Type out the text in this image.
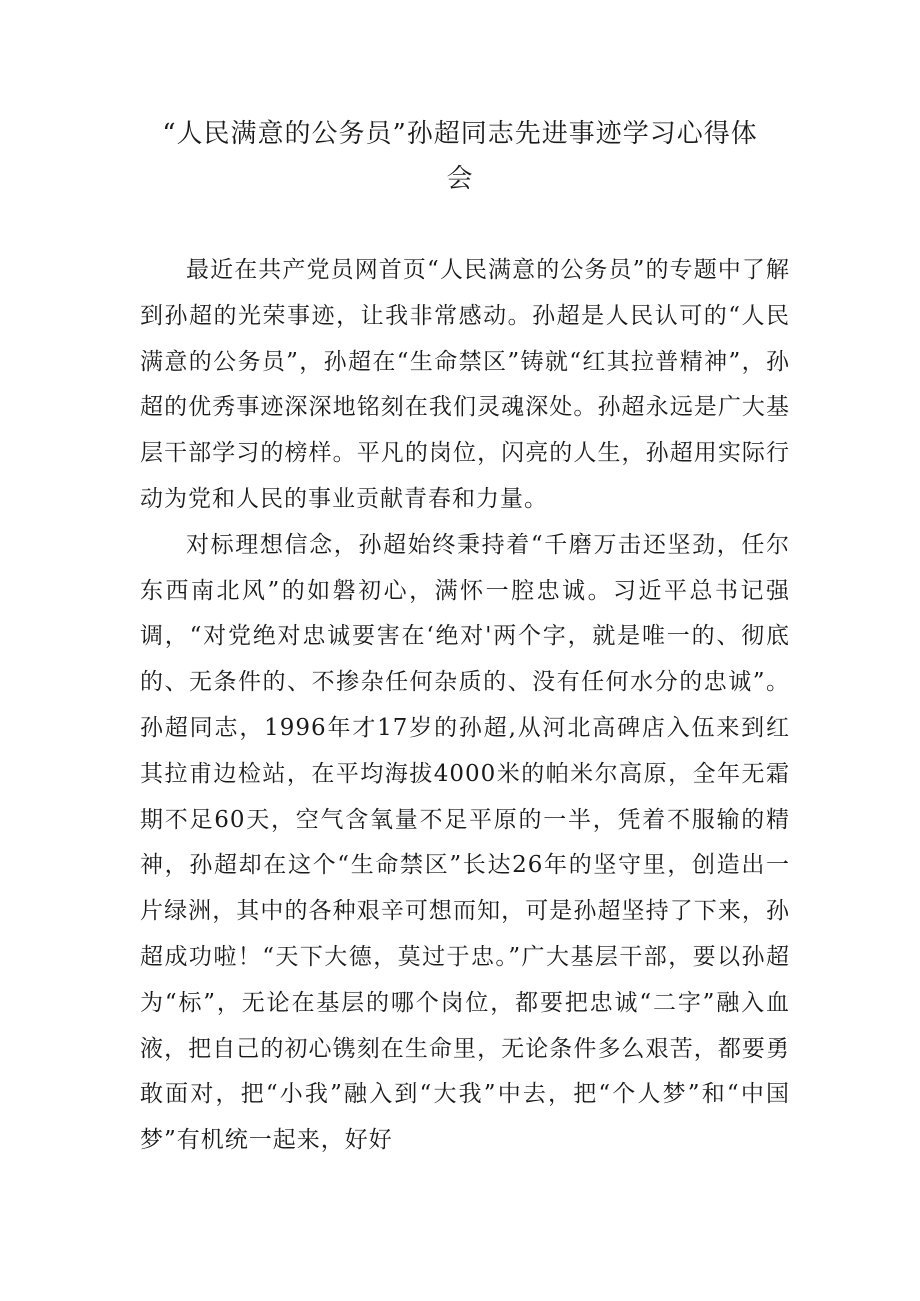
“人民满意的公务员”孙超同志先进事迹学习心得体会

最近在共产党员网首页“人民满意的公务员”的专题中了解到孙超的光荣事迹，让我非常感动。孙超是人民认可的“人民满意的公务员”，孙超在“生命禁区”铸就“红其拉普精神”，孙超的优秀事迹深深地铭刻在我们灵魂深处。孙超永远是广大基层干部学习的榜样。平凡的岗位，闪亮的人生，孙超用实际行动为党和人民的事业贡献青春和力量。

对标理想信念，孙超始终秉持着“千磨万击还坚劲，任尔东西南北风”的如磐初心，满怀一腔忠诚。习近平总书记强调，“对党绝对忠诚要害在‘绝对'两个字，就是唯一的、彻底的、无条件的、不掺杂任何杂质的、没有任何水分的忠诚”。孙超同志，1996年才17岁的孙超,从河北高碑店入伍来到红其拉甫边检站，在平均海拔4000米的帕米尔高原，全年无霜期不足60天，空气含氧量不足平原的一半，凭着不服输的精神，孙超却在这个“生命禁区”长达26年的坚守里，创造出一片绿洲，其中的各种艰辛可想而知，可是孙超坚持了下来，孙超成功啦！“天下大德，莫过于忠。”广大基层干部，要以孙超为“标”，无论在基层的哪个岗位，都要把忠诚“二字”融入血液，把自己的初心镌刻在生命里，无论条件多么艰苦，都要勇敢面对，把“小我”融入到“大我”中去，把“个人梦”和“中国梦”有机统一起来，好好
